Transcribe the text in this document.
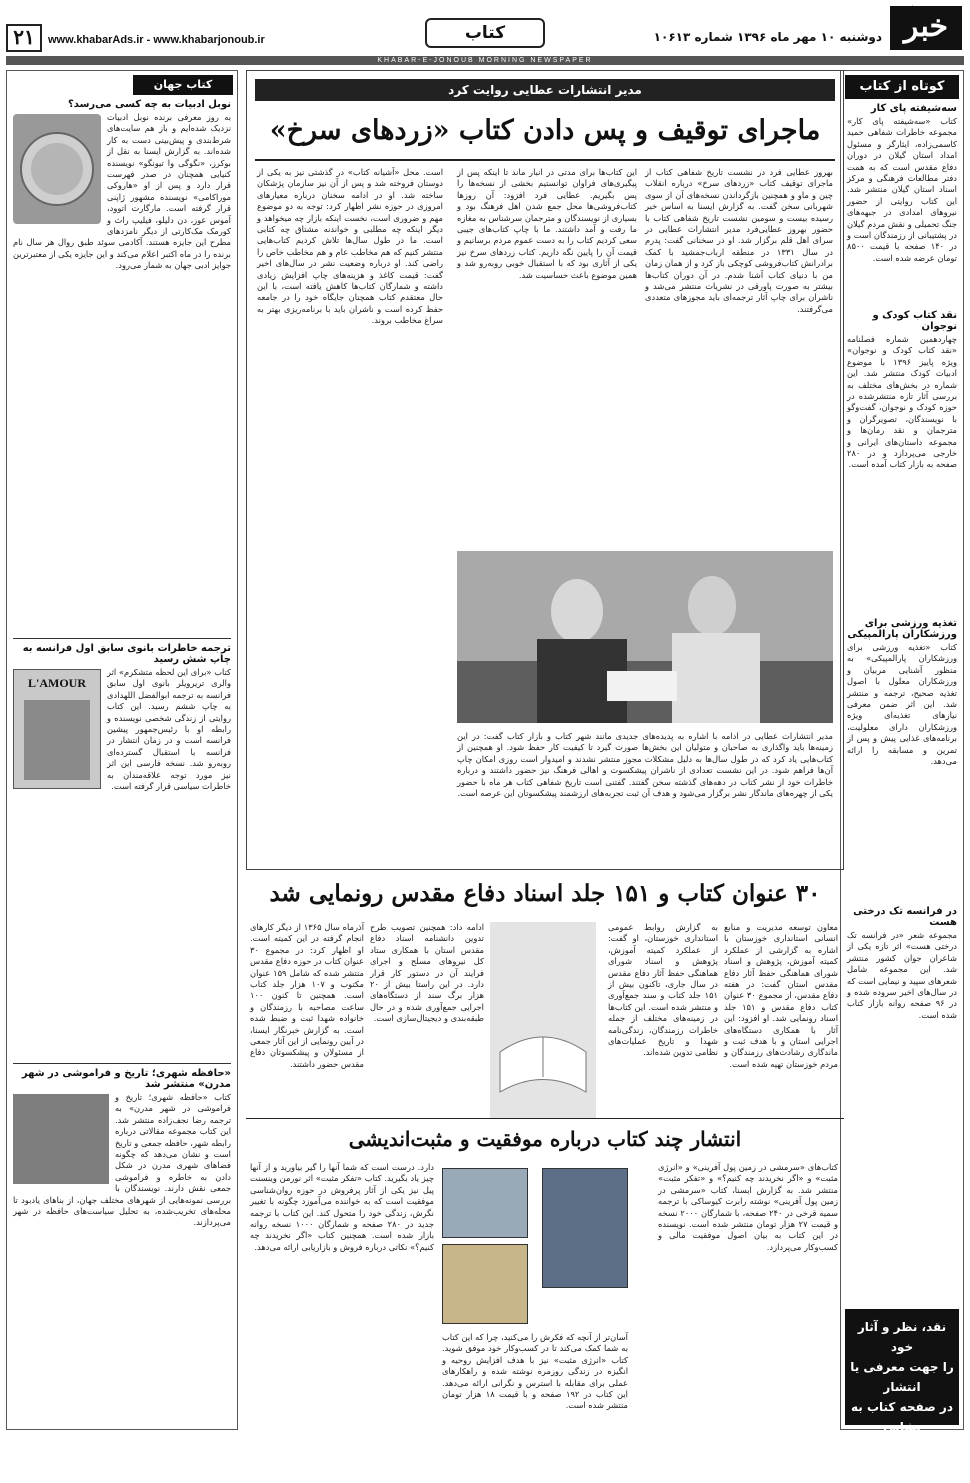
خبر
جنوب
دوشنبه ۱۰ مهر ماه ۱۳۹۶ شماره ۱۰۶۱۳
کتاب
www.khabarAds.ir - www.khabarjonoub.ir
۲۱
KHABAR-E-JONOUB MORNING NEWSPAPER
کوتاه از کتاب
سه‌شیفته پای کار
کتاب «سه‌شیفته پای کار» مجموعه خاطرات شفاهی حمید کاسمی‌زاده، ایثارگر و مسئول امداد استان گیلان در دوران دفاع مقدس است که به همت دفتر مطالعات فرهنگی و مرکز اسناد استان گیلان منتشر شد. این کتاب روایتی از حضور نیروهای امدادی در جبهه‌های جنگ تحمیلی و نقش مردم گیلان در پشتیبانی از رزمندگان است و در ۱۴۰ صفحه با قیمت ۸۵۰۰ تومان عرضه شده است.
نقد کتاب کودک و نوجوان
چهاردهمین شماره فصلنامه «نقد کتاب کودک و نوجوان» ویژه پاییز ۱۳۹۶ با موضوع ادبیات کودک منتشر شد. این شماره در بخش‌های مختلف به بررسی آثار تازه منتشرشده در حوزه کودک و نوجوان، گفت‌وگو با نویسندگان، تصویرگران و مترجمان و نقد رمان‌ها و مجموعه داستان‌های ایرانی و خارجی می‌پردازد و در ۲۸۰ صفحه به بازار کتاب آمده است.
تغذیه ورزشی برای ورزشکاران پارالمپیکی
کتاب «تغذیه ورزشی برای ورزشکاران پارالمپیکی» به منظور آشنایی مربیان و ورزشکاران معلول با اصول تغذیه صحیح، ترجمه و منتشر شد. این اثر ضمن معرفی نیازهای تغذیه‌ای ویژه ورزشکاران دارای معلولیت، برنامه‌های غذایی پیش و پس از تمرین و مسابقه را ارائه می‌دهد.
در فرانسه تک درختی هست
مجموعه شعر «در فرانسه تک درختی هست» اثر تازه یکی از شاعران جوان کشور منتشر شد. این مجموعه شامل شعرهای سپید و نیمایی است که در سال‌های اخیر سروده شده و در ۹۶ صفحه روانه بازار کتاب شده است.
نقد، نظر و آثار خود
را جهت معرفی یا انتشار
در صفحه کتاب به نشانی
زیر ارسال نمایید:
ketab@khabarads.com
کتاب جهان
نوبل ادبیات به چه کسی می‌رسد؟
به روز معرفی برنده نوبل ادبیات نزدیک شده‌ایم و باز هم سایت‌های شرط‌بندی و پیش‌بینی دست به کار شده‌اند. به گزارش ایسنا به نقل از بوکرز، «نگوگی وا تیونگو» نویسنده کنیایی همچنان در صدر فهرست قرار دارد و پس از او «هاروکی موراکامی» نویسنده مشهور ژاپنی قرار گرفته است. مارگارت اتوود، آموس عوز، دن دلیلو، فیلیپ راث و کورمک مک‌کارتی از دیگر نامزدهای مطرح این جایزه هستند. آکادمی سوئد طبق روال هر سال نام برنده را در ماه اکتبر اعلام می‌کند و این جایزه یکی از معتبرترین جوایز ادبی جهان به شمار می‌رود.
ترجمه خاطرات بانوی سابق اول فرانسه به چاپ شش رسید
L'AMOUR
کتاب «برای این لحظه متشکرم» اثر والری تریرویلر بانوی اول سابق فرانسه به ترجمه ابوالفضل اللهدادی به چاپ ششم رسید. این کتاب روایتی از زندگی شخصی نویسنده و رابطه او با رئیس‌جمهور پیشین فرانسه است و در زمان انتشار در فرانسه با استقبال گسترده‌ای روبه‌رو شد. نسخه فارسی این اثر نیز مورد توجه علاقه‌مندان به خاطرات سیاسی قرار گرفته است.
«حافظه شهری؛ تاریخ و فراموشی در شهر مدرن» منتشر شد
کتاب «حافظه شهری؛ تاریخ و فراموشی در شهر مدرن» به ترجمه رضا نجف‌زاده منتشر شد. این کتاب مجموعه مقالاتی درباره رابطه شهر، حافظه جمعی و تاریخ است و نشان می‌دهد که چگونه فضاهای شهری مدرن در شکل دادن به خاطره و فراموشی جمعی نقش دارند. نویسندگان با بررسی نمونه‌هایی از شهرهای مختلف جهان، از بناهای یادبود تا محله‌های تخریب‌شده، به تحلیل سیاست‌های حافظه در شهر می‌پردازند.
مدیر انتشارات عطایی روایت کرد
ماجرای توقیف و پس دادن کتاب «زردهای سرخ»
بهروز عطایی فرد در نشست تاریخ شفاهی کتاب از ماجرای توقیف کتاب «زردهای سرخ» درباره انقلاب چین و ماو و همچنین بازگرداندن نسخه‌های آن از سوی شهربانی سخن گفت. به گزارش ایسنا به اساس خبر رسیده بیست و سومین نشست تاریخ شفاهی کتاب با حضور بهروز عطایی‌فرد مدیر انتشارات عطایی در سرای اهل قلم برگزار شد. او در سخنانی گفت: پدرم در سال ۱۳۳۱ در منطقه ارباب‌جمشید با کمک برادرانش کتاب‌فروشی کوچکی باز کرد و از همان زمان من با دنیای کتاب آشنا شدم. در آن دوران کتاب‌ها بیشتر به صورت پاورقی در نشریات منتشر می‌شد و ناشران برای چاپ آثار ترجمه‌ای باید مجوزهای متعددی می‌گرفتند.
این کتاب‌ها برای مدتی در انبار ماند تا اینکه پس از پیگیری‌های فراوان توانستیم بخشی از نسخه‌ها را پس بگیریم. عطایی فرد افزود: آن روزها کتاب‌فروشی‌ها محل جمع شدن اهل فرهنگ بود و بسیاری از نویسندگان و مترجمان سرشناس به مغازه ما رفت و آمد داشتند. ما با چاپ کتاب‌های جیبی سعی کردیم کتاب را به دست عموم مردم برسانیم و قیمت آن را پایین نگه داریم. کتاب زردهای سرخ نیز یکی از آثاری بود که با استقبال خوبی روبه‌رو شد و همین موضوع باعث حساسیت شد.
است. محل «آشیانه کتاب» در گذشتی نیز به یکی از دوستان فروخته شد و پس از آن نیز سازمان پژشکان ساخته شد. او در ادامه سخنان درباره معیارهای امروزی در حوزه نشر اظهار کرد: توجه به دو موضوع مهم و ضروری است، نخست اینکه بازار چه میخواهد و دیگر اینکه چه مطلبی و خواندنه مشتاق چه کتابی است. ما در طول سال‌ها تلاش کردیم کتاب‌هایی منتشر کنیم که هم مخاطب عام و هم مخاطب خاص را راضی کند. او درباره وضعیت نشر در سال‌های اخیر گفت: قیمت کاغذ و هزینه‌های چاپ افزایش زیادی داشته و شمارگان کتاب‌ها کاهش یافته است، با این حال معتقدم کتاب همچنان جایگاه خود را در جامعه حفظ کرده است و ناشران باید با برنامه‌ریزی بهتر به سراغ مخاطب بروند.
مدیر انتشارات عطایی در ادامه با اشاره به پدیده‌های جدیدی مانند شهر کتاب و بازار کتاب گفت: در این زمینه‌ها باید واگذاری به صاحبان و متولیان این بخش‌ها صورت گیرد تا کیفیت کار حفظ شود. او همچنین از کتاب‌هایی یاد کرد که در طول سال‌ها به دلیل مشکلات مجوز منتشر نشدند و امیدوار است روزی امکان چاپ آن‌ها فراهم شود. در این نشست تعدادی از ناشران پیشکسوت و اهالی فرهنگ نیز حضور داشتند و درباره خاطرات خود از نشر کتاب در دهه‌های گذشته سخن گفتند. گفتنی است تاریخ شفاهی کتاب هر ماه با حضور یکی از چهره‌های ماندگار نشر برگزار می‌شود و هدف آن ثبت تجربه‌های ارزشمند پیشکسوتان این عرصه است.
۳۰ عنوان کتاب و ۱۵۱ جلد اسناد دفاع مقدس رونمایی شد
معاون توسعه مدیریت و منابع انسانی استانداری خوزستان با اشاره به گزارشی از عملکرد کمیته آموزش، پژوهش و اسناد شورای هماهنگی حفظ آثار دفاع مقدس استان گفت: در هفته دفاع مقدس، از مجموع ۳۰ عنوان کتاب دفاع مقدس و ۱۵۱ جلد اسناد رونمایی شد. او افزود: این آثار با همکاری دستگاه‌های اجرایی استان و با هدف ثبت و ماندگاری رشادت‌های رزمندگان و مردم خوزستان تهیه شده است.
به گزارش روابط عمومی استانداری خوزستان، او گفت: از عملکرد کمیته آموزش، پژوهش و اسناد شورای هماهنگی حفظ آثار دفاع مقدس در سال جاری، تاکنون بیش از ۱۵۱ جلد کتاب و سند جمع‌آوری و منتشر شده است. این کتاب‌ها در زمینه‌های مختلف از جمله خاطرات رزمندگان، زندگی‌نامه شهدا و تاریخ عملیات‌های نظامی تدوین شده‌اند.
ادامه داد: همچنین تصویب طرح تدوین دانشنامه اسناد دفاع مقدس استان با همکاری ستاد کل نیروهای مسلح و اجرای فرایند آن در دستور کار قرار دارد. در این راستا بیش از ۲۰ هزار برگ سند از دستگاه‌های اجرایی جمع‌آوری شده و در حال طبقه‌بندی و دیجیتال‌سازی است.
آذرماه سال ۱۳۶۵ از دیگر کارهای انجام گرفته در این کمیته است. او اظهار کرد: در مجموع ۳۰ عنوان کتاب در حوزه دفاع مقدس منتشر شده که شامل ۱۵۹ عنوان مکتوب و ۱۰۷ هزار جلد کتاب است. همچنین تا کنون ۱۰۰ ساعت مصاحبه با رزمندگان و خانواده شهدا ثبت و ضبط شده است. به گزارش خبرنگار ایسنا، در آیین رونمایی از این آثار جمعی از مسئولان و پیشکسوتان دفاع مقدس حضور داشتند.
انتشار چند کتاب درباره موفقیت و مثبت‌اندیشی
کتاب‌های «سرمشی در زمین پول آفرینی» و «انرژی مثبت» و «اگر نخریدند چه کنیم؟» و «تفکر مثبت» منتشر شد. به گزارش ایسنا، کتاب «سرمشی در زمین پول آفرینی» نوشته رابرت کیوساکی با ترجمه سمیه قرخی در ۲۴۰ صفحه، با شمارگان ۲۰۰۰ نسخه و قیمت ۲۷ هزار تومان منتشر شده است. نویسنده در این کتاب به بیان اصول موفقیت مالی و کسب‌وکار می‌پردازد.
آسان‌تر از آنچه که فکرش را می‌کنید، چرا که این کتاب به شما کمک می‌کند تا در کسب‌وکار خود موفق شوید. کتاب «انرژی مثبت» نیز با هدف افزایش روحیه و انگیزه در زندگی روزمره نوشته شده و راهکارهای عملی برای مقابله با استرس و نگرانی ارائه می‌دهد. این کتاب در ۱۹۲ صفحه و با قیمت ۱۸ هزار تومان منتشر شده است.
دارد. درست است که شما آنها را گیر بیاورید و از آنها چیز یاد بگیرید. کتاب «تفکر مثبت» اثر نورمن وینسنت پیل نیز یکی از آثار پرفروش در حوزه روان‌شناسی موفقیت است که به خواننده می‌آموزد چگونه با تغییر نگرش، زندگی خود را متحول کند. این کتاب با ترجمه جدید در ۲۸۰ صفحه و شمارگان ۱۰۰۰ نسخه روانه بازار شده است. همچنین کتاب «اگر نخریدند چه کنیم؟» نکاتی درباره فروش و بازاریابی ارائه می‌دهد.
